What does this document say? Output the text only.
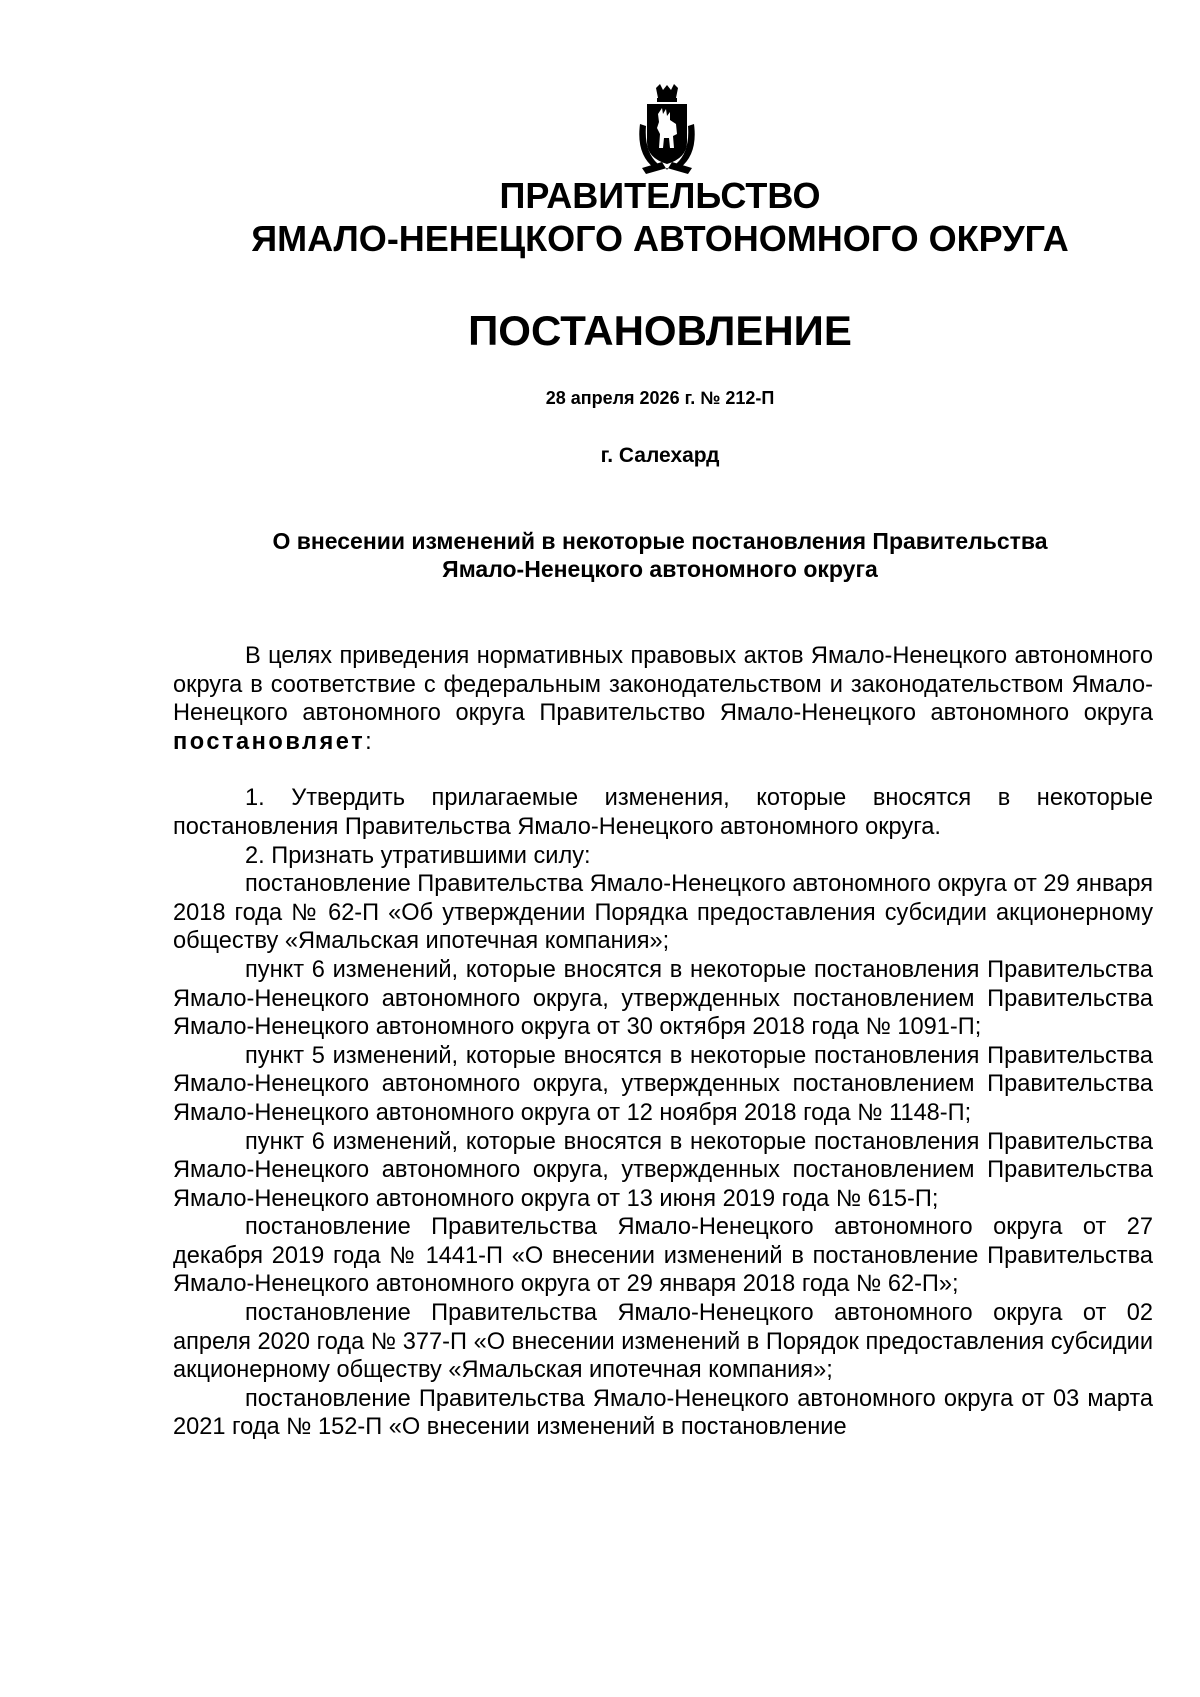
ПРАВИТЕЛЬСТВО
ЯМАЛО-НЕНЕЦКОГО АВТОНОМНОГО ОКРУГА
ПОСТАНОВЛЕНИЕ
28 апреля 2026 г. № 212-П
г. Салехард
О внесении изменений в некоторые постановления Правительства
Ямало-Ненецкого автономного округа

В целях приведения нормативных правовых актов Ямало-Ненецкого автономного округа в соответствие с федеральным законодательством и законодательством Ямало-Ненецкого автономного округа Правительство Ямало-Ненецкого автономного округа постановляет:

1. Утвердить прилагаемые изменения, которые вносятся в некоторые постановления Правительства Ямало-Ненецкого автономного округа.

2. Признать утратившими силу:

постановление Правительства Ямало-Ненецкого автономного округа от 29 января 2018 года № 62-П «Об утверждении Порядка предоставления субсидии акционерному обществу «Ямальская ипотечная компания»;

пункт 6 изменений, которые вносятся в некоторые постановления Правительства Ямало-Ненецкого автономного округа, утвержденных постановлением Правительства Ямало-Ненецкого автономного округа от 30 октября 2018 года № 1091-П;

пункт 5 изменений, которые вносятся в некоторые постановления Правительства Ямало-Ненецкого автономного округа, утвержденных постановлением Правительства Ямало-Ненецкого автономного округа от 12 ноября 2018 года № 1148-П;

пункт 6 изменений, которые вносятся в некоторые постановления Правительства Ямало-Ненецкого автономного округа, утвержденных постановлением Правительства Ямало-Ненецкого автономного округа от 13 июня 2019 года № 615-П;

постановление Правительства Ямало-Ненецкого автономного округа от 27 декабря 2019 года № 1441-П «О внесении изменений в постановление Правительства Ямало-Ненецкого автономного округа от 29 января 2018 года № 62-П»;

постановление Правительства Ямало-Ненецкого автономного округа от 02 апреля 2020 года № 377-П «О внесении изменений в Порядок предоставления субсидии акционерному обществу «Ямальская ипотечная компания»;

постановление Правительства Ямало-Ненецкого автономного округа от 03 марта 2021 года № 152-П «О внесении изменений в постановление
